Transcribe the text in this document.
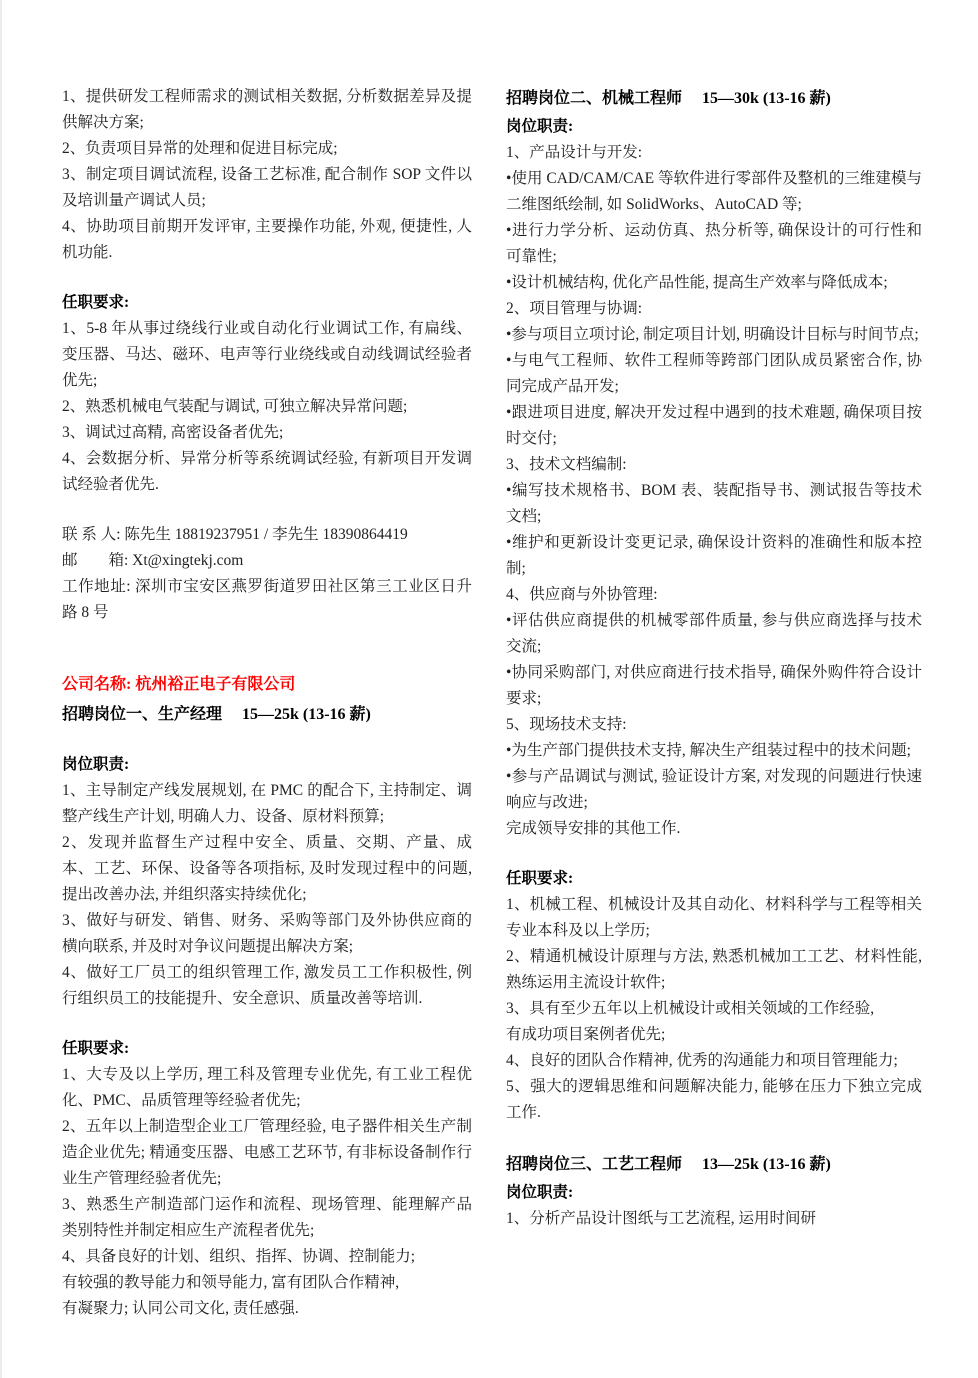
1、提供研发工程师需求的测试相关数据, 分析数据差异及提供解决方案;

2、负责项目异常的处理和促进目标完成;

3、制定项目调试流程, 设备工艺标准, 配合制作 SOP 文件以及培训量产调试人员;

4、协助项目前期开发评审, 主要操作功能, 外观, 便捷性, 人机功能.

任职要求:

1、5-8 年从事过绕线行业或自动化行业调试工作, 有扁线、变压器、马达、磁环、电声等行业绕线或自动线调试经验者优先;

2、熟悉机械电气装配与调试, 可独立解决异常问题;

3、调试过高精, 高密设备者优先;

4、会数据分析、异常分析等系统调试经验, 有新项目开发调试经验者优先.

联 系 人: 陈先生 18819237951 / 李先生 18390864419

邮　　箱: Xt@xingtekj.com

工作地址: 深圳市宝安区燕罗街道罗田社区第三工业区日升路 8 号

公司名称: 杭州裕正电子有限公司

招聘岗位一、生产经理　 15—25k (13-16 薪)

岗位职责:

1、主导制定产线发展规划, 在 PMC 的配合下, 主持制定、调整产线生产计划, 明确人力、设备、原材料预算;

2、发现并监督生产过程中安全、质量、交期、产量、成本、工艺、环保、设备等各项指标, 及时发现过程中的问题, 提出改善办法, 并组织落实持续优化;

3、做好与研发、销售、财务、采购等部门及外协供应商的横向联系, 并及时对争议问题提出解决方案;

4、做好工厂员工的组织管理工作, 激发员工工作积极性, 例行组织员工的技能提升、安全意识、质量改善等培训.

任职要求:

1、大专及以上学历, 理工科及管理专业优先, 有工业工程优化、PMC、品质管理等经验者优先;

2、五年以上制造型企业工厂管理经验, 电子器件相关生产制造企业优先; 精通变压器、电感工艺环节, 有非标设备制作行业生产管理经验者优先;

3、熟悉生产制造部门运作和流程、现场管理、能理解产品类别特性并制定相应生产流程者优先;

4、具备良好的计划、组织、指挥、协调、控制能力;

有较强的教导能力和领导能力, 富有团队合作精神,

有凝聚力; 认同公司文化, 责任感强.

招聘岗位二、机械工程师　 15—30k (13-16 薪)

岗位职责:

1、产品设计与开发:

•使用 CAD/CAM/CAE 等软件进行零部件及整机的三维建模与二维图纸绘制, 如 SolidWorks、AutoCAD 等;

•进行力学分析、运动仿真、热分析等, 确保设计的可行性和可靠性;

•设计机械结构, 优化产品性能, 提高生产效率与降低成本;

2、项目管理与协调:

•参与项目立项讨论, 制定项目计划, 明确设计目标与时间节点;

•与电气工程师、软件工程师等跨部门团队成员紧密合作, 协同完成产品开发;

•跟进项目进度, 解决开发过程中遇到的技术难题, 确保项目按时交付;

3、技术文档编制:

•编写技术规格书、BOM 表、装配指导书、测试报告等技术文档;

•维护和更新设计变更记录, 确保设计资料的准确性和版本控制;

4、供应商与外协管理:

•评估供应商提供的机械零部件质量, 参与供应商选择与技术交流;

•协同采购部门, 对供应商进行技术指导, 确保外购件符合设计要求;

5、现场技术支持:

•为生产部门提供技术支持, 解决生产组装过程中的技术问题;

•参与产品调试与测试, 验证设计方案, 对发现的问题进行快速响应与改进;

完成领导安排的其他工作.

任职要求:

1、机械工程、机械设计及其自动化、材料科学与工程等相关专业本科及以上学历;

2、精通机械设计原理与方法, 熟悉机械加工工艺、材料性能, 熟练运用主流设计软件;

3、具有至少五年以上机械设计或相关领域的工作经验,

有成功项目案例者优先;

4、良好的团队合作精神, 优秀的沟通能力和项目管理能力;

5、强大的逻辑思维和问题解决能力, 能够在压力下独立完成工作.

招聘岗位三、工艺工程师　 13—25k (13-16 薪)

岗位职责:

1、分析产品设计图纸与工艺流程, 运用时间研
